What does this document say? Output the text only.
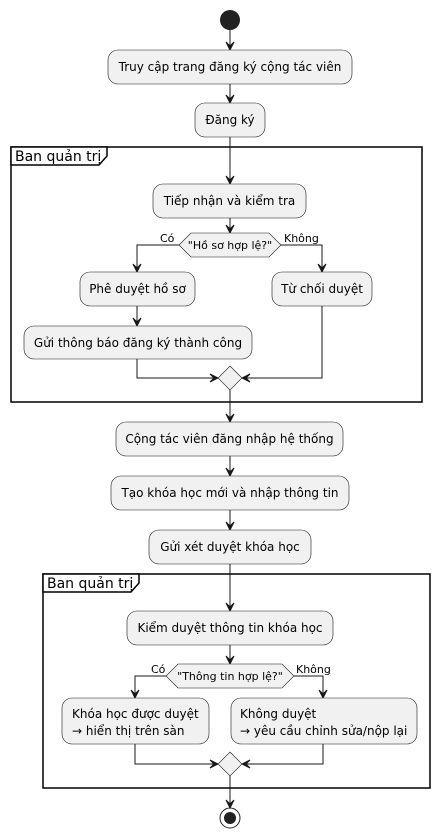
Ban quản trị
Ban quản trị
Truy cập trang đăng ký cộng tác viên
Đăng ký
Tiếp nhận và kiểm tra
"Hồ sơ hợp lệ?"
Có	Không
Phê duyệt hồ sơ	Từ chối duyệt
Gửi thông báo đăng ký thành công
Cộng tác viên đăng nhập hệ thống
Tạo khóa học mới và nhập thông tin
Gửi xét duyệt khóa học
Kiểm duyệt thông tin khóa học
"Thông tin hợp lệ?"
Có	Không
Khóa học được duyệt
→ hiển thị trên sàn
Không duyệt
→ yêu cầu chỉnh sửa/nộp lại
